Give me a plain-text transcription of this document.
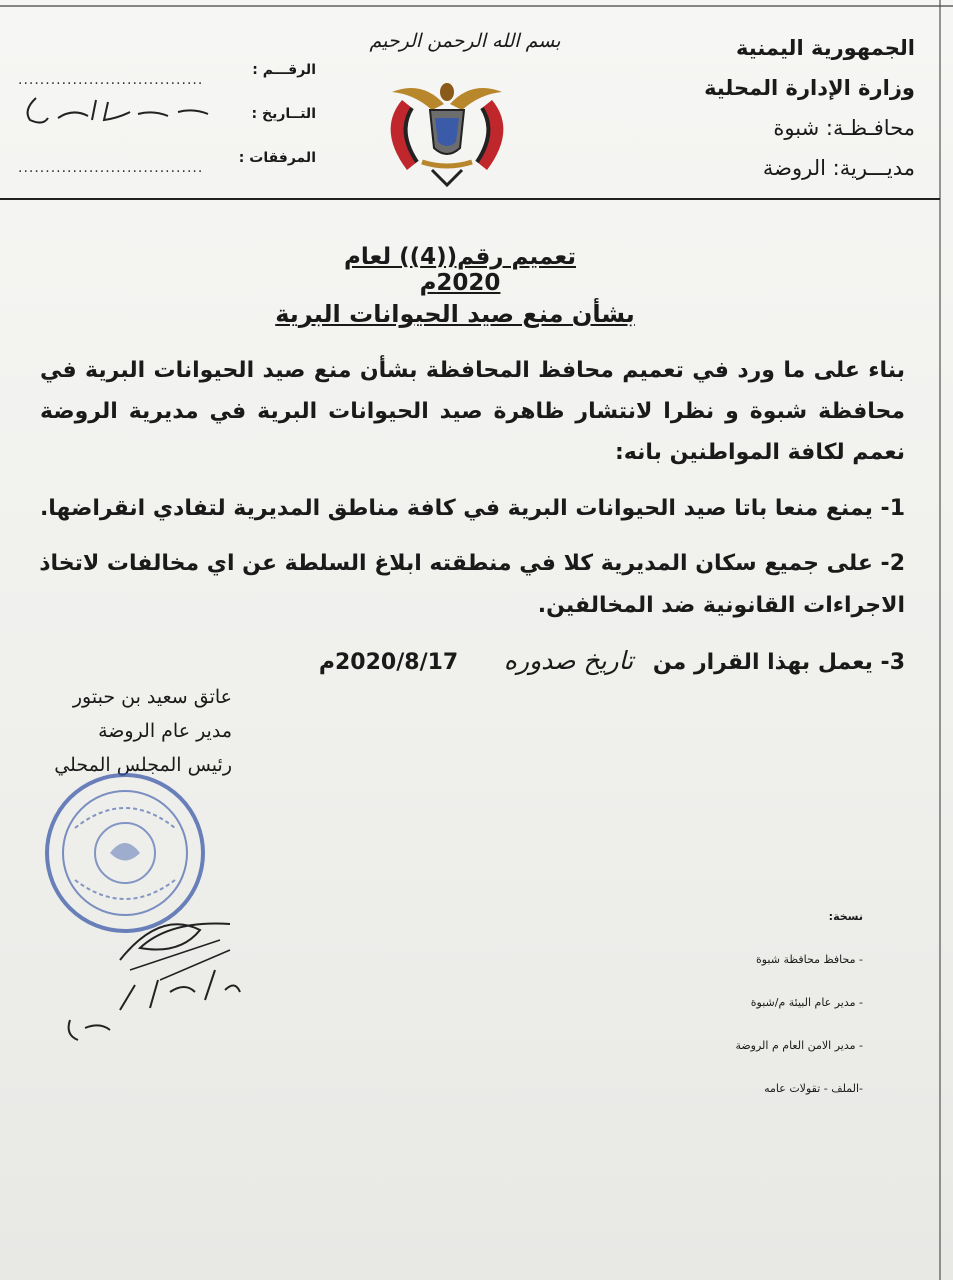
الجمهورية اليمنية
وزارة الإدارة المحلية
محافـظـة: شبوة
مديـــرية: الروضة
بسم الله الرحمن الرحيم
الرقـــم :
..................................
التــاريخ :
المرفقات :
..................................
تعميم رقم((4)) لعام 2020م
بشأن منع صيد الحيوانات البرية
بناء على ما ورد في تعميم محافظ المحافظة بشأن منع صيد الحيوانات البرية في محافظة شبوة و نظرا لانتشار ظاهرة صيد الحيوانات البرية في مديرية الروضة نعمم لكافة المواطنين بانه:
1- يمنع منعا باتا صيد الحيوانات البرية في كافة مناطق المديرية لتفادي انقراضها.
2- على جميع سكان المديرية كلا في منطقته ابلاغ السلطة عن اي مخالفات لاتخاذ
الاجراءات القانونية ضد المخالفين.
3- يعمل بهذا القرار من تاريخ صدوره 2020/8/17م
عاتق سعيد بن حبتور
مدير عام الروضة
رئيس المجلس المحلي
نسخة:
- محافظ محافظة شبوة
- مدير عام البيئة م/شبوة
- مدير الامن العام م الروضة
-الملف - تقولات عامه
